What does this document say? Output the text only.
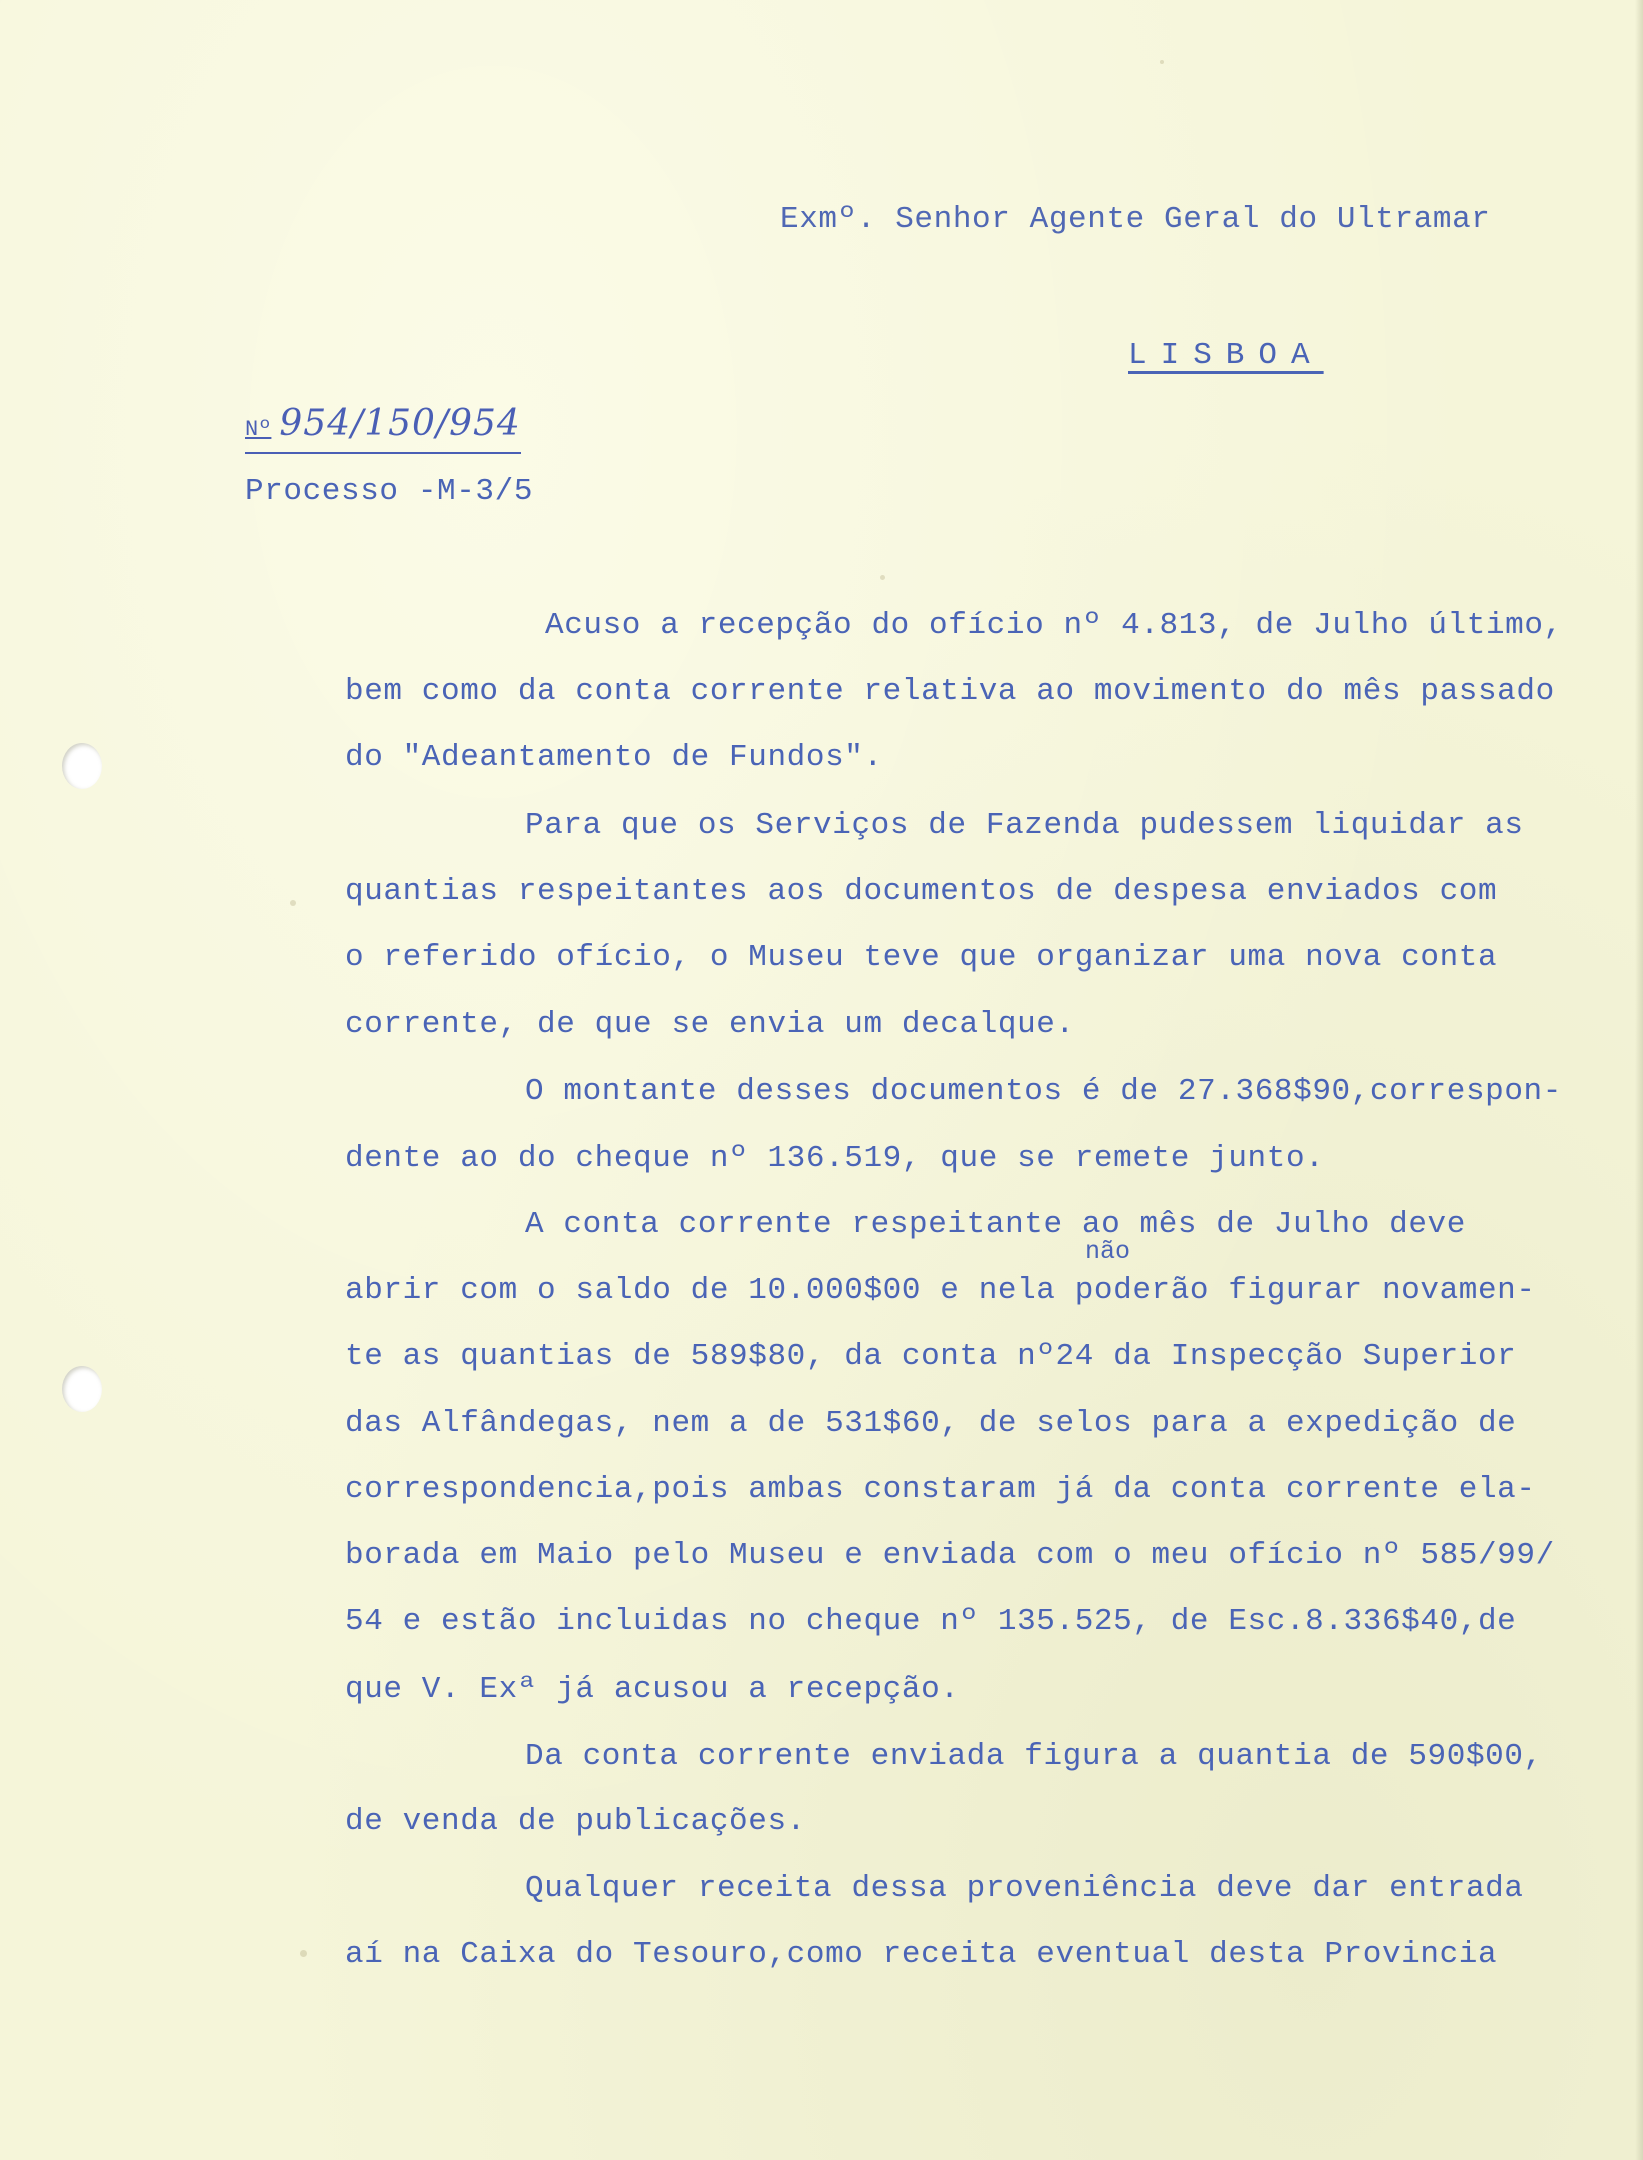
Exmº. Senhor Agente Geral do Ultramar
LISBOA
Nº 954/150/954
Processo -M-3/5
Acuso a recepção do ofício nº 4.813, de Julho último,
bem como da conta corrente relativa ao movimento do mês passado
do "Adeantamento de Fundos".
Para que os Serviços de Fazenda pudessem liquidar as
quantias respeitantes aos documentos de despesa enviados com
o referido ofício, o Museu teve que organizar uma nova conta
corrente, de que se envia um decalque.
O montante desses documentos é de 27.368$90,correspon-
dente ao do cheque nº 136.519, que se remete junto.
A conta corrente respeitante ao mês de Julho deve
não
abrir com o saldo de 10.000$00 e nela poderão figurar novamen-
te as quantias de 589$80, da conta nº24 da Inspecção Superior
das Alfândegas, nem a de 531$60, de selos para a expedição de
correspondencia,pois ambas constaram já da conta corrente ela-
borada em Maio pelo Museu e enviada com o meu ofício nº 585/99/
54 e estão incluidas no cheque nº 135.525, de Esc.8.336$40,de
que V. Exª já acusou a recepção.
Da conta corrente enviada figura a quantia de 590$00,
de venda de publicações.
Qualquer receita dessa proveniência deve dar entrada
aí na Caixa do Tesouro,como receita eventual desta Provincia
